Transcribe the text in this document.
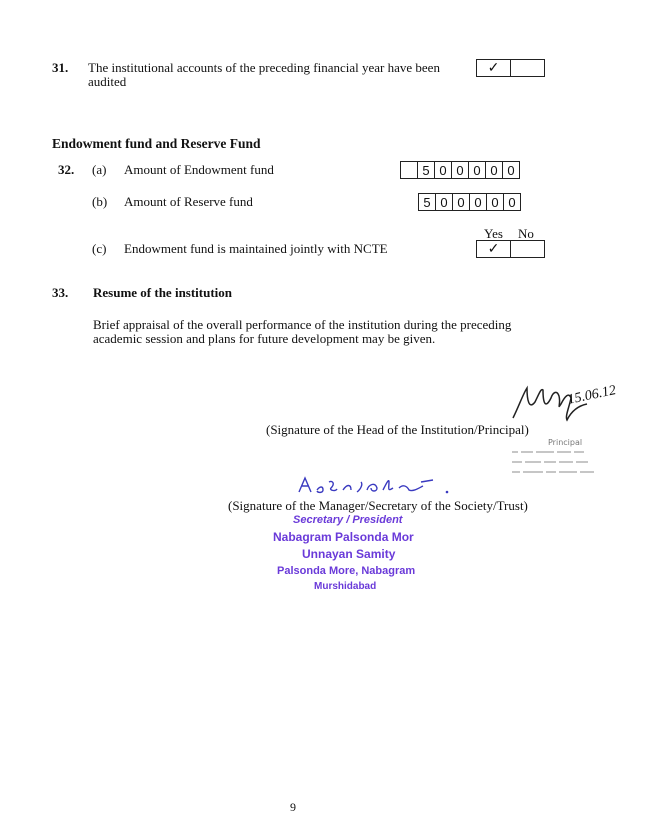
31. The institutional accounts of the preceding financial year have been
audited
✓
Endowment fund and Reserve Fund
32. (a) Amount of Endowment fund	5 0 0 0 0 0
(b) Amount of Reserve fund	5 0 0 0 0 0
Yes No
(c) Endowment fund is maintained jointly with NCTE	✓
33. Resume of the institution
Brief appraisal of the overall performance of the institution during the preceding
academic session and plans for future development may be given.
15.06.12
(Signature of the Head of the Institution/Principal)
Principal
(Signature of the Manager/Secretary of the Society/Trust)
Secretary / President
Nabagram Palsonda Mor
Unnayan Samity
Palsonda More, Nabagram
Murshidabad
9
